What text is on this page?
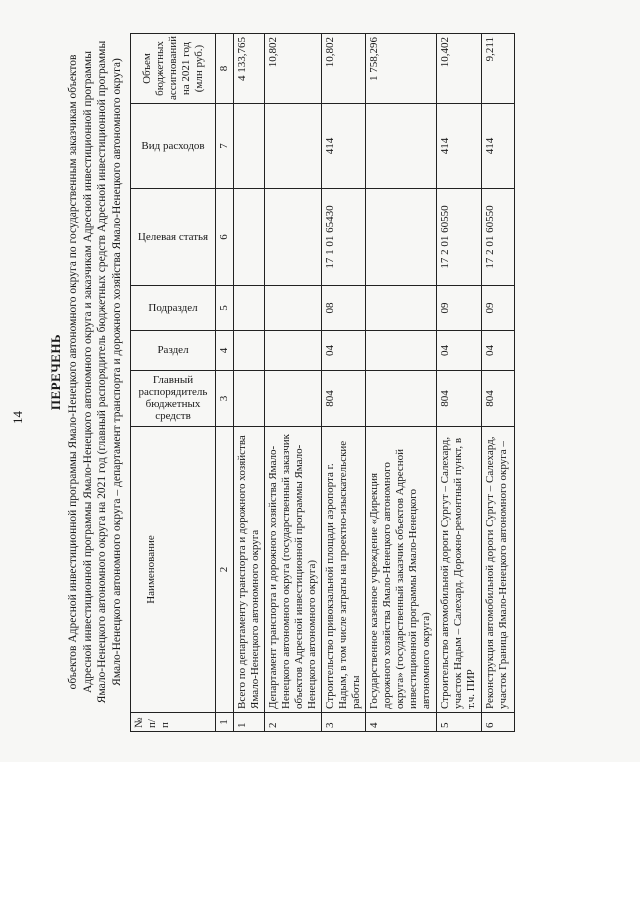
14
ПЕРЕЧЕНЬ объектов Адресной инвестиционной программы Ямало-Ненецкого автономного округа по государственным заказчикам объектов Адресной инвестиционной программы Ямало-Ненецкого автономного округа и заказчикам Адресной инвестиционной программы Ямало-Ненецкого автономного округа на 2021 год (главный распорядитель бюджетных средств Адресной инвестиционной программы Ямало-Ненецкого автономного округа – департамент транспорта и дорожного хозяйства Ямало-Ненецкого автономного округа)
№ п/п	Наименование	Главный распорядитель бюджетных средств	Раздел	Подраздел	Целевая статья	Вид расходов	Объем бюджетных ассигнований на 2021 год (млн руб.)
1	2	3	4	5	6	7	8
1	Всего по департаменту транспорта и дорожного хозяйства Ямало-Ненецкого автономного округа						4 133,765
2	Департамент транспорта и дорожного хозяйства Ямало-Ненецкого автономного округа (государственный заказчик объектов Адресной инвестиционной программы Ямало-Ненецкого автономного округа)						10,802
3	Строительство привокзальной площади аэропорта г. Надым, в том числе затраты на проектно-изыскательские работы	804	04	08	17 1 01 65430	414	10,802
4	Государственное казенное учреждение «Дирекция дорожного хозяйства Ямало-Ненецкого автономного округа» (государственный заказчик объектов Адресной инвестиционной программы Ямало-Ненецкого автономного округа)						1 758,296
5	Строительство автомобильной дороги Сургут – Салехард, участок Надым – Салехард. Дорожно-ремонтный пункт, в т.ч. ПИР	804	04	09	17 2 01 60550	414	10,402
6	Реконструкция автомобильной дороги Сургут – Салехард, участок Граница Ямало-Ненецкого автономного округа –	804	04	09	17 2 01 60550	414	9,211
